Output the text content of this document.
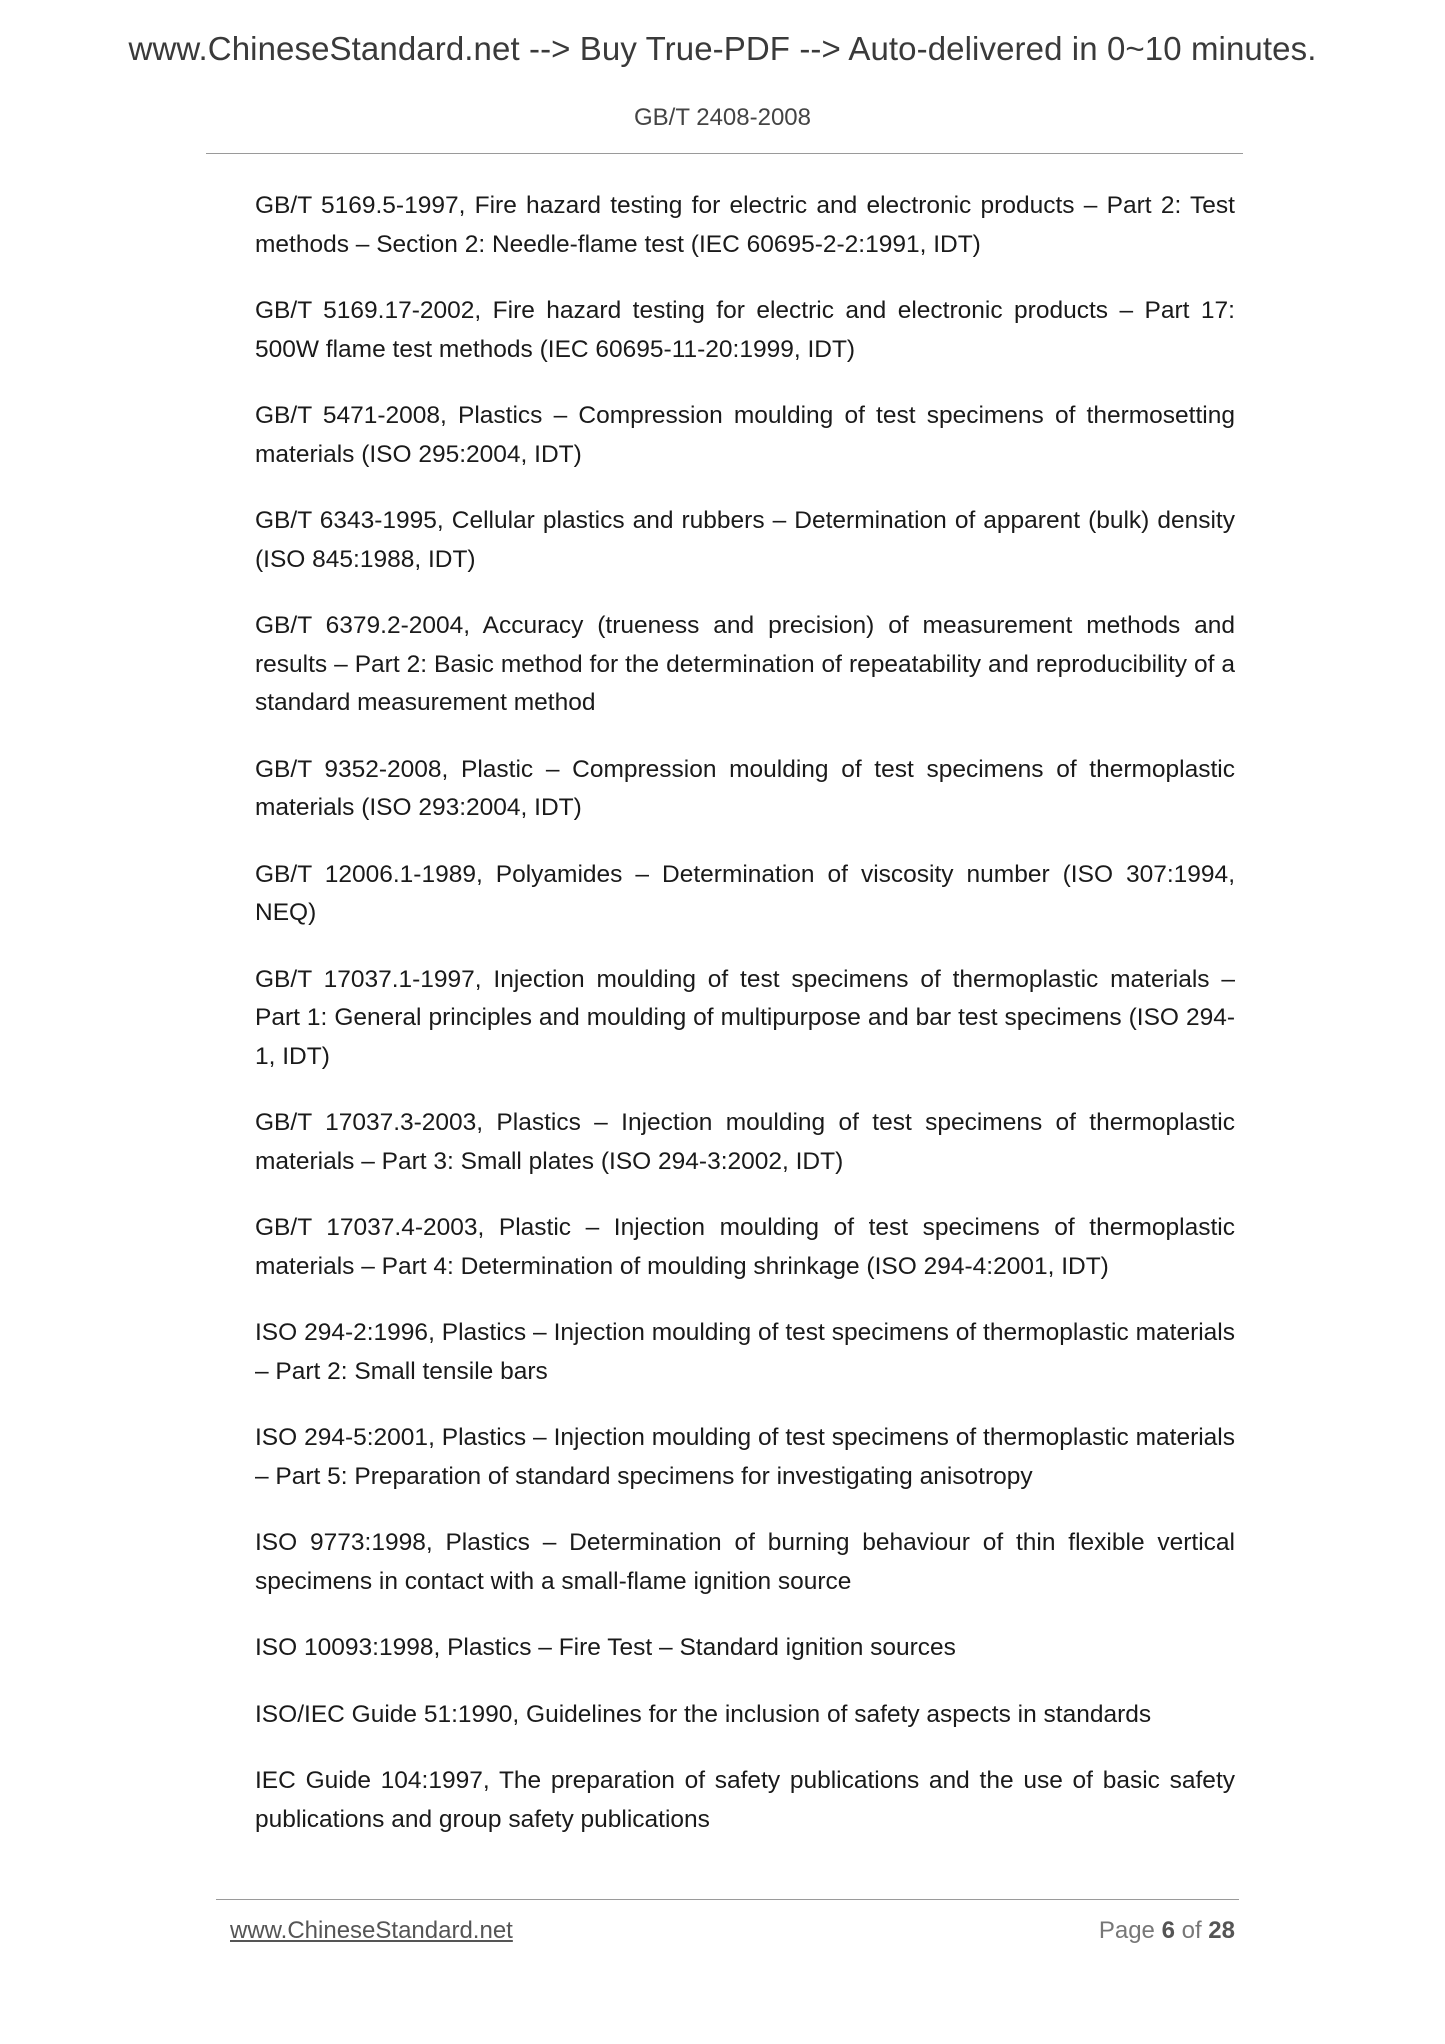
www.ChineseStandard.net --> Buy True-PDF --> Auto-delivered in 0~10 minutes.
GB/T 2408-2008
GB/T 5169.5-1997, Fire hazard testing for electric and electronic products – Part 2: Test methods – Section 2: Needle-flame test (IEC 60695-2-2:1991, IDT)
GB/T 5169.17-2002, Fire hazard testing for electric and electronic products – Part 17: 500W flame test methods (IEC 60695-11-20:1999, IDT)
GB/T 5471-2008, Plastics – Compression moulding of test specimens of thermosetting materials (ISO 295:2004, IDT)
GB/T 6343-1995, Cellular plastics and rubbers – Determination of apparent (bulk) density (ISO 845:1988, IDT)
GB/T 6379.2-2004, Accuracy (trueness and precision) of measurement methods and results – Part 2: Basic method for the determination of repeatability and reproducibility of a standard measurement method
GB/T 9352-2008, Plastic – Compression moulding of test specimens of thermoplastic materials (ISO 293:2004, IDT)
GB/T 12006.1-1989, Polyamides – Determination of viscosity number (ISO 307:1994, NEQ)
GB/T 17037.1-1997, Injection moulding of test specimens of thermoplastic materials – Part 1: General principles and moulding of multipurpose and bar test specimens (ISO 294-1, IDT)
GB/T 17037.3-2003, Plastics – Injection moulding of test specimens of thermoplastic materials – Part 3: Small plates (ISO 294-3:2002, IDT)
GB/T 17037.4-2003, Plastic – Injection moulding of test specimens of thermoplastic materials – Part 4: Determination of moulding shrinkage (ISO 294-4:2001, IDT)
ISO 294-2:1996, Plastics – Injection moulding of test specimens of thermoplastic materials – Part 2: Small tensile bars
ISO 294-5:2001, Plastics – Injection moulding of test specimens of thermoplastic materials – Part 5: Preparation of standard specimens for investigating anisotropy
ISO 9773:1998, Plastics – Determination of burning behaviour of thin flexible vertical specimens in contact with a small-flame ignition source
ISO 10093:1998, Plastics – Fire Test – Standard ignition sources
ISO/IEC Guide 51:1990, Guidelines for the inclusion of safety aspects in standards
IEC Guide 104:1997, The preparation of safety publications and the use of basic safety publications and group safety publications
www.ChineseStandard.net	Page 6 of 28
